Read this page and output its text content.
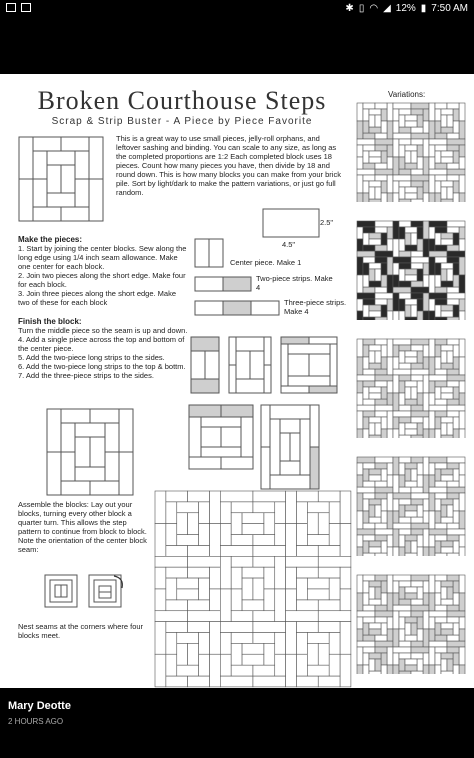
✱ ▯ ◠ ◢ 12% ▮ 7:50 AM
Broken Courthouse Steps
Scrap & Strip Buster - A Piece by Piece Favorite
This is a great way to use small pieces, jelly-roll orphans, and leftover sashing and binding. You can scale to any size, as long as the completed proportions are 1:2 Each completed block uses 18 pieces. Count how many pieces you have, then divide by 18 and round down. This is how many blocks you can make from your brick pile. Sort by light/dark to make the pattern variations, or just go full random.
2.5"
4.5"
Make the pieces:
1. Start by joining the center blocks. Sew along the long edge using 1/4 inch seam allowance. Make one center for each block.
2. Join two pieces along the short edge. Make four for each block.
3. Join three pieces along the short edge. Make two of these for each block
Center piece. Make 1
Two-piece strips. Make 4
Three-piece strips. Make 4
Finish the block:
Turn the middle piece so the seam is up and down.
4. Add a single piece across the top and bottom of the center piece.
5. Add the two-piece long strips to the sides.
6. Add the two-piece long strips to the top & bottm.
7. Add the three-piece strips to the sides.
Assemble the blocks: Lay out your blocks, turning every other block a quarter turn. This allows the step pattern to continue from block to block. Note the orientation of the center block seam:
Nest seams at the corners where four blocks meet.
Variations:
Mary Deotte
2 HOURS AGO
